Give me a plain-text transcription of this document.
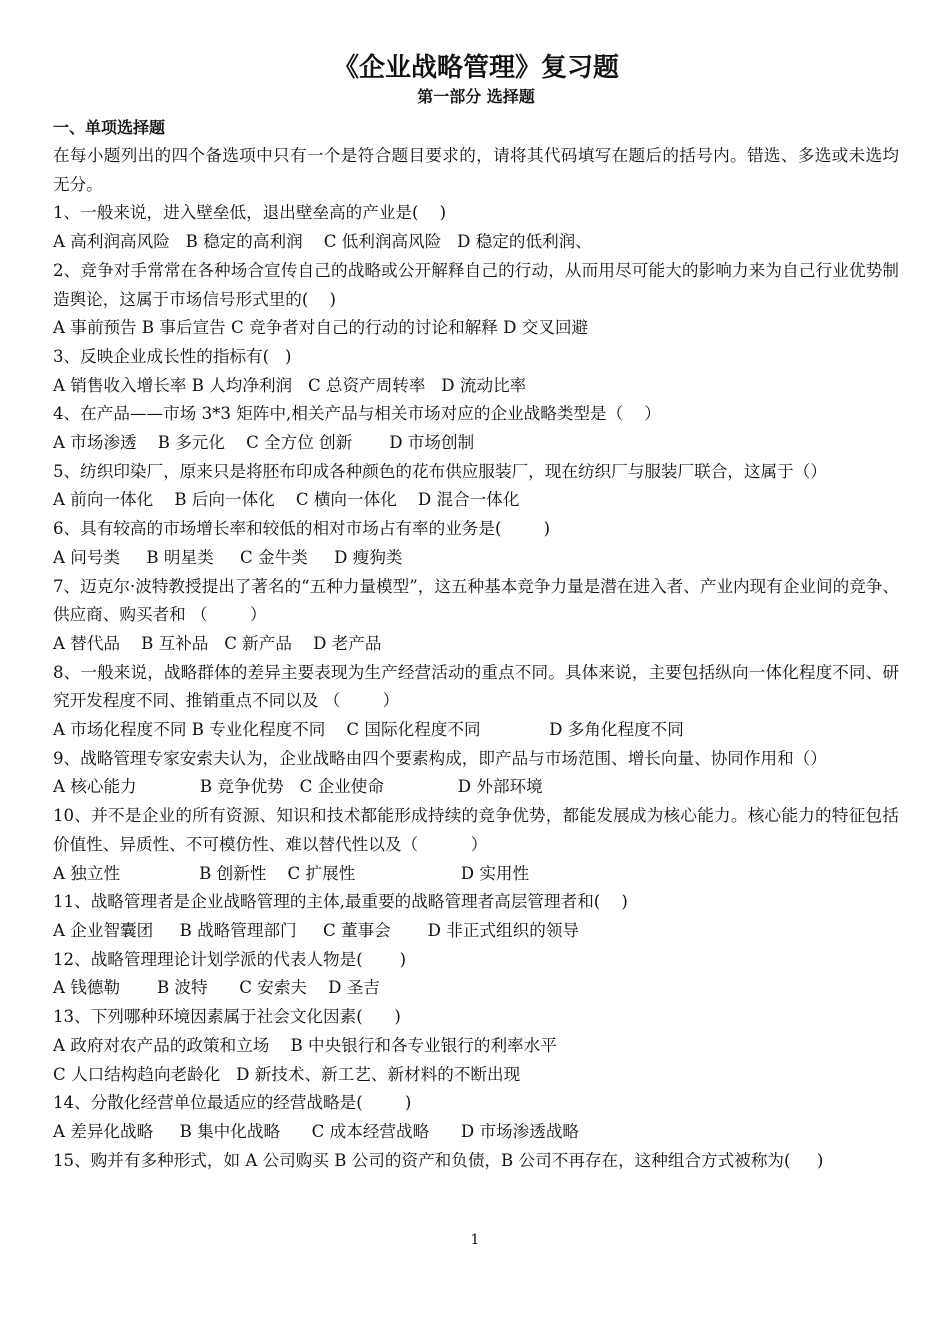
《企业战略管理》复习题
第一部分 选择题
一、单项选择题

在每小题列出的四个备选项中只有一个是符合题目要求的，请将其代码填写在题后的括号内。错选、多选或未选均无分。

1、一般来说，进入壁垒低，退出壁垒高的产业是(    )

A 高利润高风险   B 稳定的高利润    C 低利润高风险   D 稳定的低利润、

2、竞争对手常常在各种场合宣传自己的战略或公开解释自己的行动，从而用尽可能大的影响力来为自己行业优势制造舆论，这属于市场信号形式里的(    )

A 事前预告 B 事后宣告 C 竞争者对自己的行动的讨论和解释 D 交叉回避

3、反映企业成长性的指标有(   )

A 销售收入增长率 B 人均净利润   C 总资产周转率   D 流动比率

4、在产品——市场 3*3 矩阵中,相关产品与相关市场对应的企业战略类型是（    ）

A 市场渗透    B 多元化    C 全方位 创新       D 市场创制

5、纺织印染厂，原来只是将胚布印成各种颜色的花布供应服装厂，现在纺织厂与服装厂联合，这属于（）

A 前向一体化    B 后向一体化    C 横向一体化    D 混合一体化

6、具有较高的市场增长率和较低的相对市场占有率的业务是(        )

A 问号类     B 明星类     C 金牛类     D 瘦狗类

7、迈克尔·波特教授提出了著名的“五种力量模型”，这五种基本竞争力量是潜在进入者、产业内现有企业间的竞争、供应商、购买者和 （        ）

A 替代品    B 互补品   C 新产品    D 老产品

8、一般来说，战略群体的差异主要表现为生产经营活动的重点不同。具体来说，主要包括纵向一体化程度不同、研究开发程度不同、推销重点不同以及 （        ）

A 市场化程度不同 B 专业化程度不同    C 国际化程度不同             D 多角化程度不同

9、战略管理专家安索夫认为，企业战略由四个要素构成，即产品与市场范围、增长向量、协同作用和（）

A 核心能力            B 竞争优势   C 企业使命              D 外部环境

10、并不是企业的所有资源、知识和技术都能形成持续的竞争优势，都能发展成为核心能力。核心能力的特征包括价值性、异质性、不可模仿性、难以替代性以及（          ）

A 独立性               B 创新性    C 扩展性                    D 实用性

11、战略管理者是企业战略管理的主体,最重要的战略管理者高层管理者和(    )

A 企业智囊团     B 战略管理部门     C 董事会       D 非正式组织的领导

12、战略管理理论计划学派的代表人物是(       )

A 钱德勒       B 波特      C 安索夫    D 圣吉

13、下列哪种环境因素属于社会文化因素(      )

A 政府对农产品的政策和立场    B 中央银行和各专业银行的利率水平

C 人口结构趋向老龄化   D 新技术、新工艺、新材料的不断出现

14、分散化经营单位最适应的经营战略是(        )

A 差异化战略     B 集中化战略      C 成本经营战略      D 市场渗透战略

15、购并有多种形式，如 A 公司购买 B 公司的资产和负债，B 公司不再存在，这种组合方式被称为(     )

1
